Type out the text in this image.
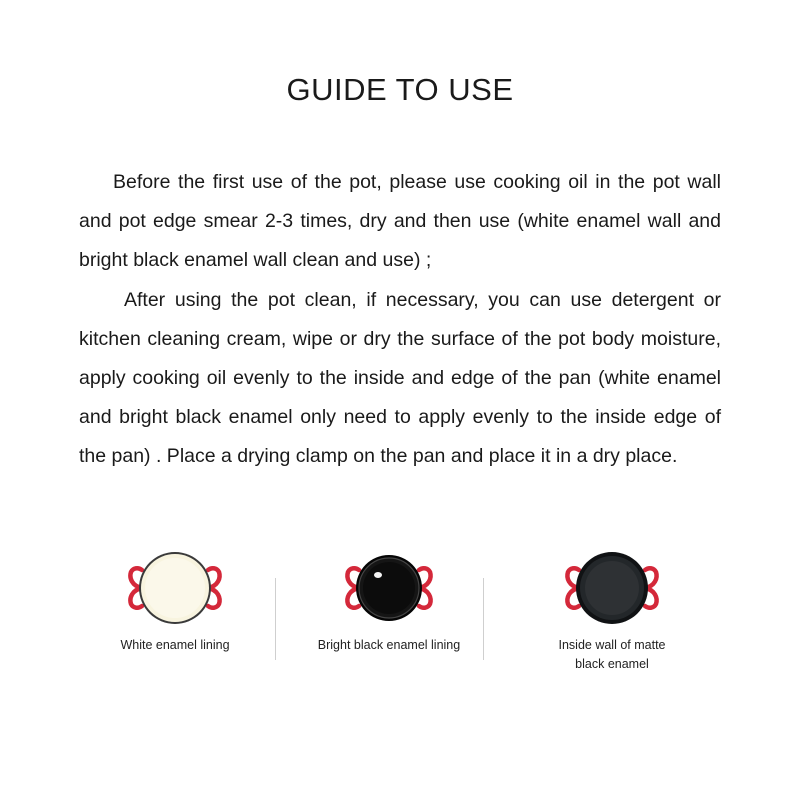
GUIDE TO USE

Before the first use of the pot, please use cooking oil in the pot wall and pot edge smear 2-3 times, dry and then use (white enamel wall and bright black enamel wall clean and use) ;

After using the pot clean, if necessary, you can use detergent or kitchen cleaning cream, wipe or dry the surface of the pot body moisture, apply cooking oil evenly to the inside and edge of the pan (white enamel and bright black enamel only need to apply evenly to the inside edge of the pan) . Place a drying clamp on the pan and place it in a dry place.

White enamel lining	Bright black enamel lining	Inside wall of matte black enamel
